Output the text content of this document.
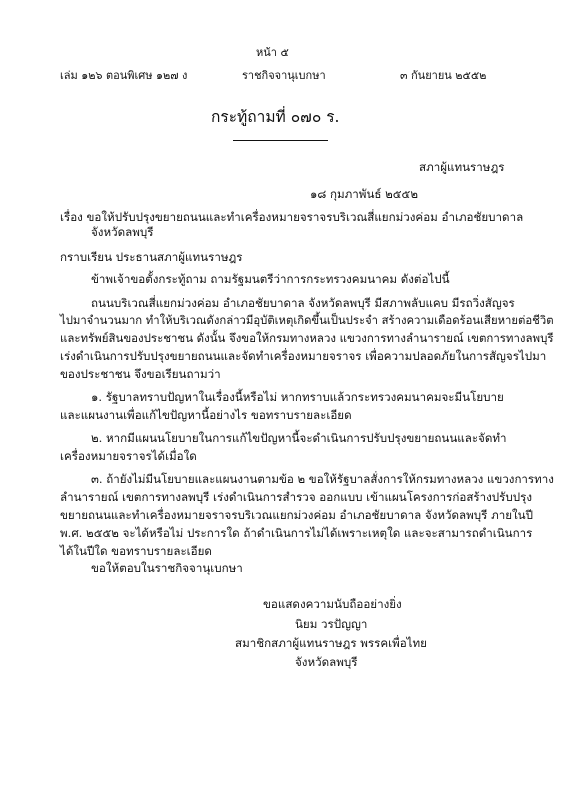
หน้า ๕
เล่ม ๑๒๖ ตอนพิเศษ ๑๒๗ ง	ราชกิจจานุเบกษา	๓ กันยายน ๒๕๕๒
กระทู้ถามที่ ๐๗๐ ร.
สภาผู้แทนราษฎร
๑๘ กุมภาพันธ์ ๒๕๕๒
เรื่อง ขอให้ปรับปรุงขยายถนนและทำเครื่องหมายจราจรบริเวณสี่แยกม่วงค่อม อำเภอชัยบาดาล
จังหวัดลพบุรี
กราบเรียน ประธานสภาผู้แทนราษฎร
ข้าพเจ้าขอตั้งกระทู้ถาม ถามรัฐมนตรีว่าการกระทรวงคมนาคม ดังต่อไปนี้
ถนนบริเวณสี่แยกม่วงค่อม อำเภอชัยบาดาล จังหวัดลพบุรี มีสภาพลับแคบ มีรถวิ่งสัญจร
ไปมาจำนวนมาก ทำให้บริเวณดังกล่าวมีอุบัติเหตุเกิดขึ้นเป็นประจำ สร้างความเดือดร้อนเสียหายต่อชีวิต
และทรัพย์สินของประชาชน ดังนั้น จึงขอให้กรมทางหลวง แขวงการทางลำนารายณ์ เขตการทางลพบุรี
เร่งดำเนินการปรับปรุงขยายถนนและจัดทำเครื่องหมายจราจร เพื่อความปลอดภัยในการสัญจรไปมา
ของประชาชน จึงขอเรียนถามว่า
๑. รัฐบาลทราบปัญหาในเรื่องนี้หรือไม่ หากทราบแล้วกระทรวงคมนาคมจะมีนโยบาย
และแผนงานเพื่อแก้ไขปัญหานี้อย่างไร ขอทราบรายละเอียด
๒. หากมีแผนนโยบายในการแก้ไขปัญหานี้จะดำเนินการปรับปรุงขยายถนนและจัดทำ
เครื่องหมายจราจรได้เมื่อใด
๓. ถ้ายังไม่มีนโยบายและแผนงานตามข้อ ๒ ขอให้รัฐบาลสั่งการให้กรมทางหลวง แขวงการทาง
ลำนารายณ์ เขตการทางลพบุรี เร่งดำเนินการสำรวจ ออกแบบ เข้าแผนโครงการก่อสร้างปรับปรุง
ขยายถนนและทำเครื่องหมายจราจรบริเวณแยกม่วงค่อม อำเภอชัยบาดาล จังหวัดลพบุรี ภายในปี
พ.ศ. ๒๕๕๒ จะได้หรือไม่ ประการใด ถ้าดำเนินการไม่ได้เพราะเหตุใด และจะสามารถดำเนินการ
ได้ในปีใด ขอทราบรายละเอียด
ขอให้ตอบในราชกิจจานุเบกษา
ขอแสดงความนับถืออย่างยิ่ง
นิยม วรปัญญา
สมาชิกสภาผู้แทนราษฎร พรรคเพื่อไทย
จังหวัดลพบุรี
